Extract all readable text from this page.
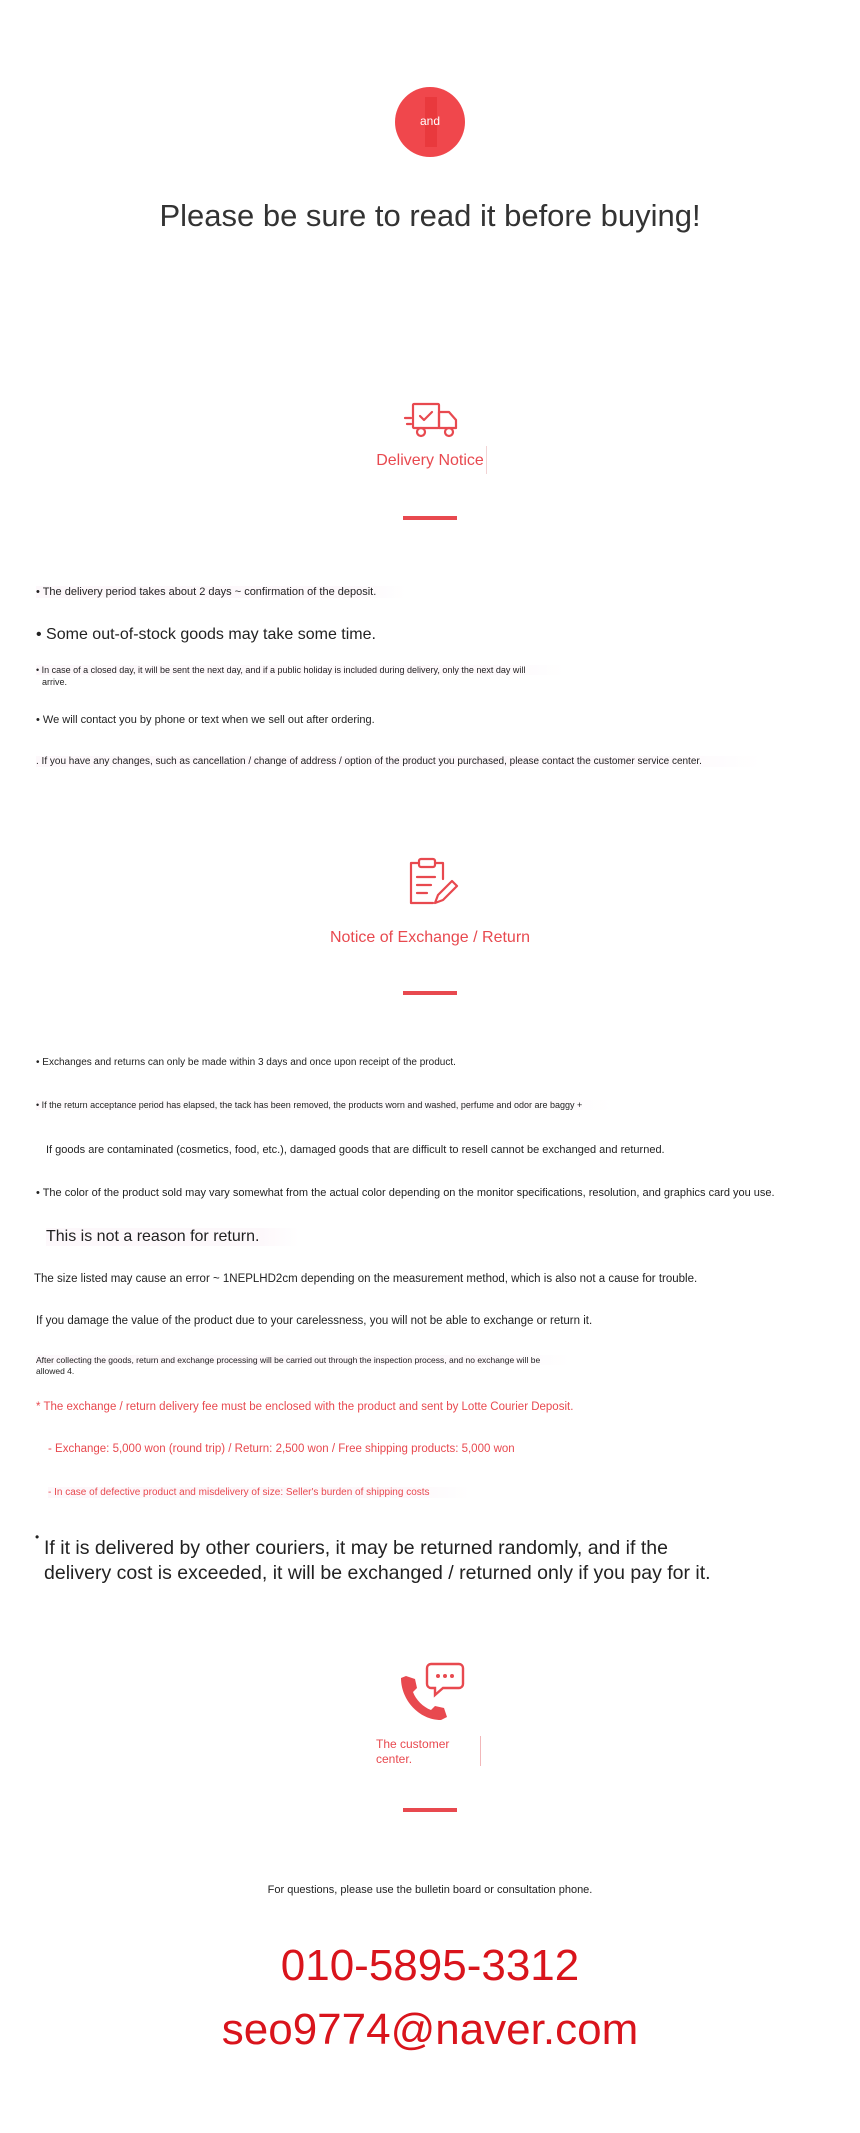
and
Please be sure to read it before buying!
Delivery Notice
• The delivery period takes about 2 days ~ confirmation of the deposit.
• Some out-of-stock goods may take some time.
• In case of a closed day, it will be sent the next day, and if a public holiday is included during delivery, only the next day will
arrive.
• We will contact you by phone or text when we sell out after ordering.
. If you have any changes, such as cancellation / change of address / option of the product you purchased, please contact the customer service center.
Notice of Exchange / Return
• Exchanges and returns can only be made within 3 days and once upon receipt of the product.
• If the return acceptance period has elapsed, the tack has been removed, the products worn and washed, perfume and odor are baggy +
If goods are contaminated (cosmetics, food, etc.), damaged goods that are difficult to resell cannot be exchanged and returned.
• The color of the product sold may vary somewhat from the actual color depending on the monitor specifications, resolution, and graphics card you use.
This is not a reason for return.
The size listed may cause an error ~ 1NEPLHD2cm depending on the measurement method, which is also not a cause for trouble.
If you damage the value of the product due to your carelessness, you will not be able to exchange or return it.
After collecting the goods, return and exchange processing will be carried out through the inspection process, and no exchange will be
allowed 4.
* The exchange / return delivery fee must be enclosed with the product and sent by Lotte Courier Deposit.
- Exchange: 5,000 won (round trip) / Return: 2,500 won / Free shipping products: 5,000 won
- In case of defective product and misdelivery of size: Seller's burden of shipping costs
• If it is delivered by other couriers, it may be returned randomly, and if the
delivery cost is exceeded, it will be exchanged / returned only if you pay for it.
The customer
center.
For questions, please use the bulletin board or consultation phone.
010-5895-3312
seo9774@naver.com
